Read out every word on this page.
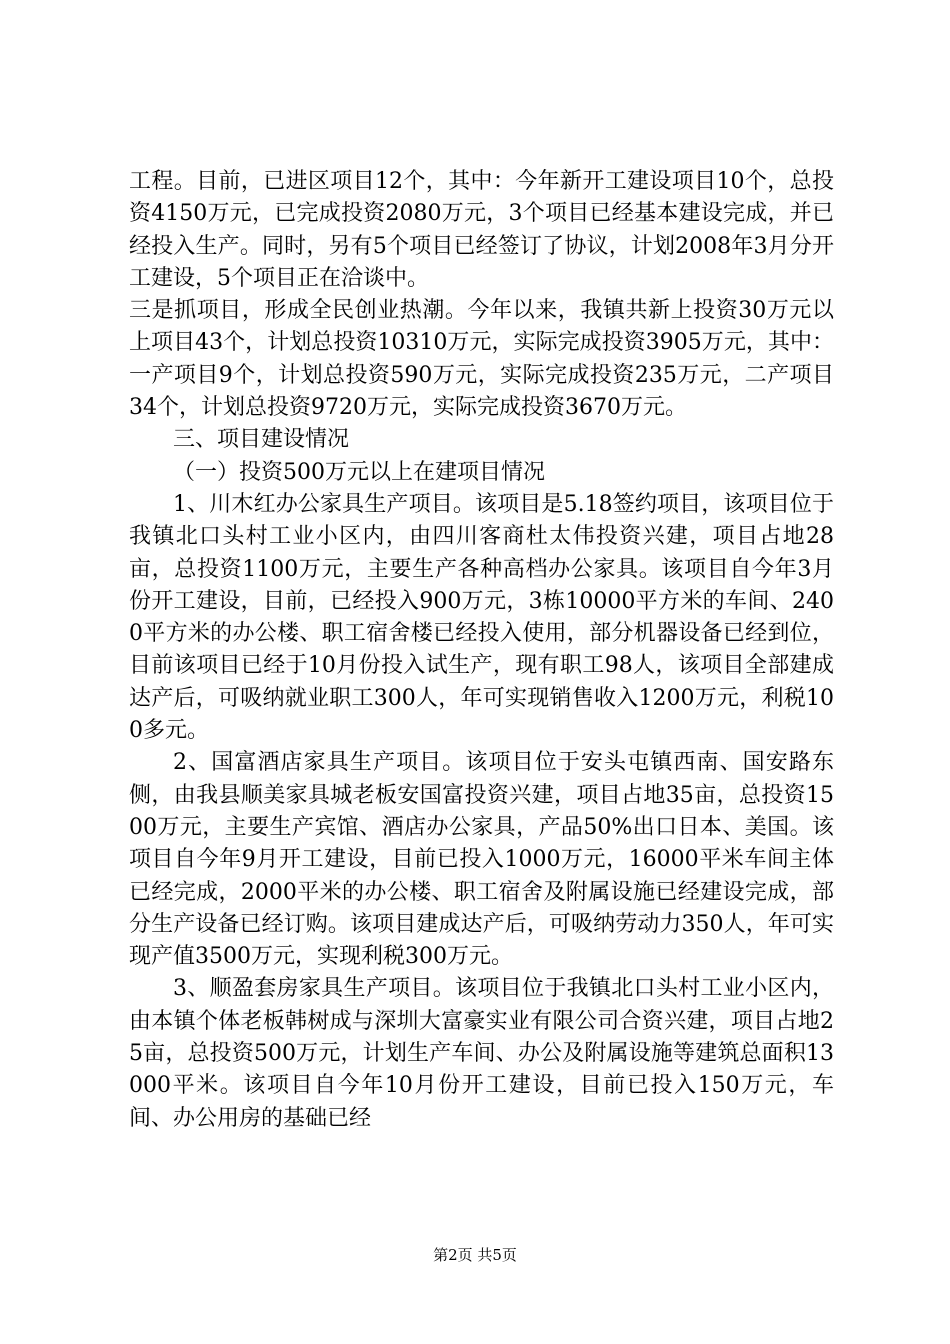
工程。目前，已进区项目12个，其中：今年新开工建设项目10个，总投资4150万元，已完成投资2080万元，3个项目已经基本建设完成，并已经投入生产。同时，另有5个项目已经签订了协议，计划2008年3月分开工建设，5个项目正在洽谈中。

三是抓项目，形成全民创业热潮。今年以来，我镇共新上投资30万元以上项目43个，计划总投资10310万元，实际完成投资3905万元，其中：一产项目9个，计划总投资590万元，实际完成投资235万元，二产项目34个，计划总投资9720万元，实际完成投资3670万元。

三、项目建设情况

（一）投资500万元以上在建项目情况

1、川木红办公家具生产项目。该项目是5.18签约项目，该项目位于我镇北口头村工业小区内，由四川客商杜太伟投资兴建，项目占地28亩，总投资1100万元，主要生产各种高档办公家具。该项目自今年3月份开工建设，目前，已经投入900万元，3栋10000平方米的车间、2400平方米的办公楼、职工宿舍楼已经投入使用，部分机器设备已经到位，目前该项目已经于10月份投入试生产，现有职工98人，该项目全部建成达产后，可吸纳就业职工300人，年可实现销售收入1200万元，利税100多元。

2、国富酒店家具生产项目。该项目位于安头屯镇西南、国安路东侧，由我县顺美家具城老板安国富投资兴建，项目占地35亩，总投资1500万元，主要生产宾馆、酒店办公家具，产品50%出口日本、美国。该项目自今年9月开工建设，目前已投入1000万元，16000平米车间主体已经完成，2000平米的办公楼、职工宿舍及附属设施已经建设完成，部分生产设备已经订购。该项目建成达产后，可吸纳劳动力350人，年可实现产值3500万元，实现利税300万元。

3、顺盈套房家具生产项目。该项目位于我镇北口头村工业小区内，由本镇个体老板韩树成与深圳大富豪实业有限公司合资兴建，项目占地25亩，总投资500万元，计划生产车间、办公及附属设施等建筑总面积13000平米。该项目自今年10月份开工建设，目前已投入150万元，车间、办公用房的基础已经

第2页 共5页
